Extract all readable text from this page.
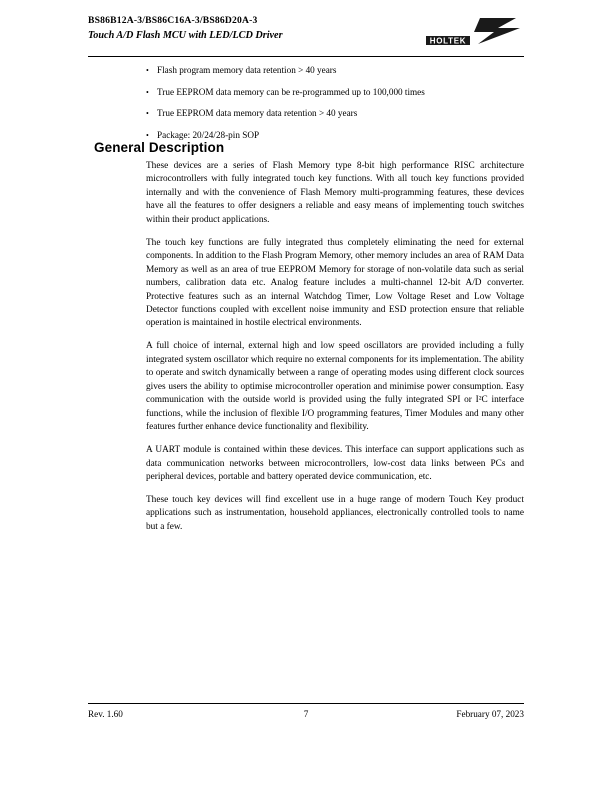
BS86B12A-3/BS86C16A-3/BS86D20A-3
Touch A/D Flash MCU with LED/LCD Driver	HOLTEK
• Flash program memory data retention > 40 years
• True EEPROM data memory can be re-programmed up to 100,000 times
• True EEPROM data memory data retention > 40 years
• Package: 20/24/28-pin SOP
General Description

These devices are a series of Flash Memory type 8-bit high performance RISC architecture microcontrollers with fully integrated touch key functions. With all touch key functions provided internally and with the convenience of Flash Memory multi-programming features, these devices have all the features to offer designers a reliable and easy means of implementing touch switches within their product applications.

The touch key functions are fully integrated thus completely eliminating the need for external components. In addition to the Flash Program Memory, other memory includes an area of RAM Data Memory as well as an area of true EEPROM Memory for storage of non-volatile data such as serial numbers, calibration data etc. Analog feature includes a multi-channel 12-bit A/D converter. Protective features such as an internal Watchdog Timer, Low Voltage Reset and Low Voltage Detector functions coupled with excellent noise immunity and ESD protection ensure that reliable operation is maintained in hostile electrical environments.

A full choice of internal, external high and low speed oscillators are provided including a fully integrated system oscillator which require no external components for its implementation. The ability to operate and switch dynamically between a range of operating modes using different clock sources gives users the ability to optimise microcontroller operation and minimise power consumption. Easy communication with the outside world is provided using the fully integrated SPI or I²C interface functions, while the inclusion of flexible I/O programming features, Timer Modules and many other features further enhance device functionality and flexibility.

A UART module is contained within these devices. This interface can support applications such as data communication networks between microcontrollers, low-cost data links between PCs and peripheral devices, portable and battery operated device communication, etc.

These touch key devices will find excellent use in a huge range of modern Touch Key product applications such as instrumentation, household appliances, electronically controlled tools to name but a few.

Rev. 1.60	7	February 07, 2023
